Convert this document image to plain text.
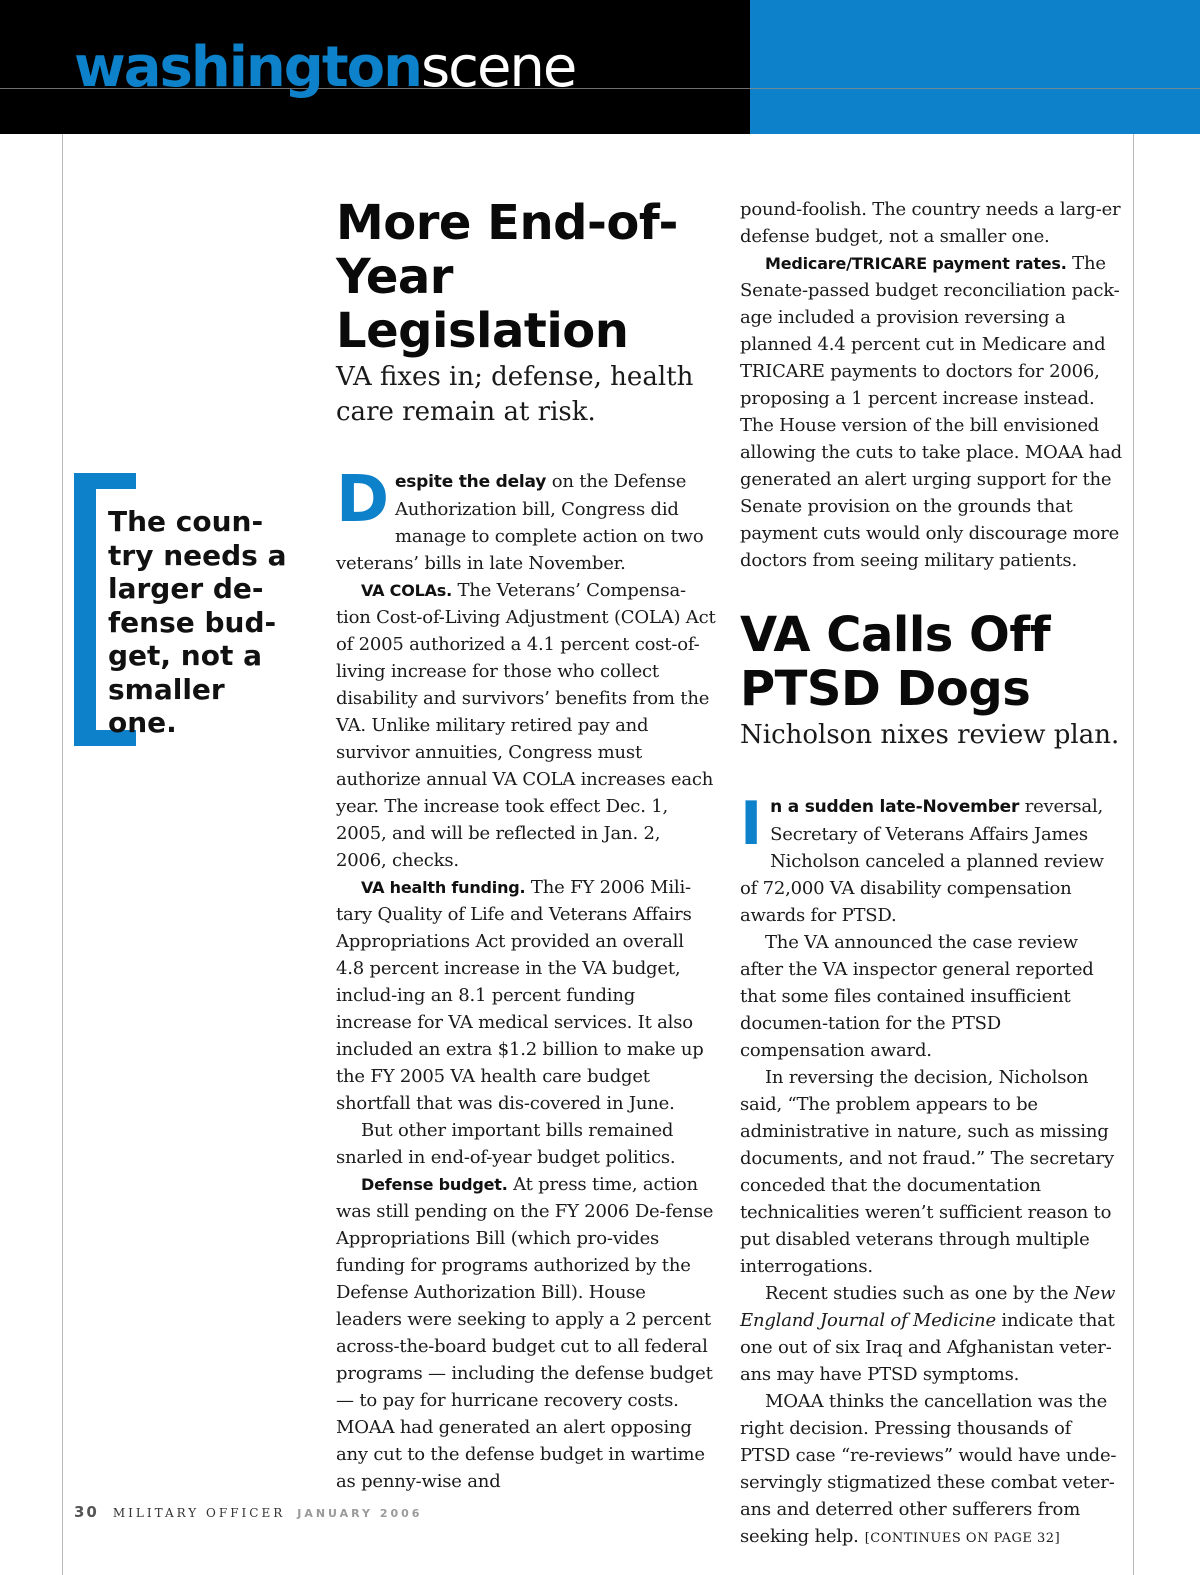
washingtonscene

The coun-try needs a larger de-fense bud-get, not a smaller one.

More End-of-Year Legislation

VA fixes in; defense, health care remain at risk.

Despite the delay on the Defense Authorization bill, Congress did manage to complete action on two veterans’ bills in late November.

VA COLAs. The Veterans’ Compensa-tion Cost-of-Living Adjustment (COLA) Act of 2005 authorized a 4.1 percent cost-of-living increase for those who collect disability and survivors’ benefits from the VA. Unlike military retired pay and survivor annuities, Congress must authorize annual VA COLA increases each year. The increase took effect Dec. 1, 2005, and will be reflected in Jan. 2, 2006, checks.

VA health funding. The FY 2006 Mili-tary Quality of Life and Veterans Affairs Appropriations Act provided an overall 4.8 percent increase in the VA budget, includ-ing an 8.1 percent funding increase for VA medical services. It also included an extra $1.2 billion to make up the FY 2005 VA health care budget shortfall that was dis-covered in June.

But other important bills remained snarled in end-of-year budget politics.

Defense budget. At press time, action was still pending on the FY 2006 De-fense Appropriations Bill (which pro-vides funding for programs authorized by the Defense Authorization Bill). House leaders were seeking to apply a 2 percent across-the-board budget cut to all federal programs — including the defense budget — to pay for hurricane recovery costs. MOAA had generated an alert opposing any cut to the defense budget in wartime as penny-wise and

pound-foolish. The country needs a larg-er defense budget, not a smaller one.

Medicare/TRICARE payment rates. The Senate-passed budget reconciliation pack-age included a provision reversing a planned 4.4 percent cut in Medicare and TRICARE payments to doctors for 2006, proposing a 1 percent increase instead. The House version of the bill envisioned allowing the cuts to take place. MOAA had generated an alert urging support for the Senate provision on the grounds that payment cuts would only discourage more doctors from seeing military patients.

VA Calls Off PTSD Dogs

Nicholson nixes review plan.

In a sudden late-November reversal, Secretary of Veterans Affairs James Nicholson canceled a planned review of 72,000 VA disability compensation awards for PTSD.

The VA announced the case review after the VA inspector general reported that some files contained insufficient documen-tation for the PTSD compensation award.

In reversing the decision, Nicholson said, “The problem appears to be administrative in nature, such as missing documents, and not fraud.” The secretary conceded that the documentation technicalities weren’t sufficient reason to put disabled veterans through multiple interrogations.

Recent studies such as one by the New England Journal of Medicine indicate that one out of six Iraq and Afghanistan veter-ans may have PTSD symptoms.

MOAA thinks the cancellation was the right decision. Pressing thousands of PTSD case “re-reviews” would have unde-servingly stigmatized these combat veter-ans and deterred other sufferers from seeking help. [CONTINUES ON PAGE 32]

30 MILITARY OFFICER JANUARY 2006
